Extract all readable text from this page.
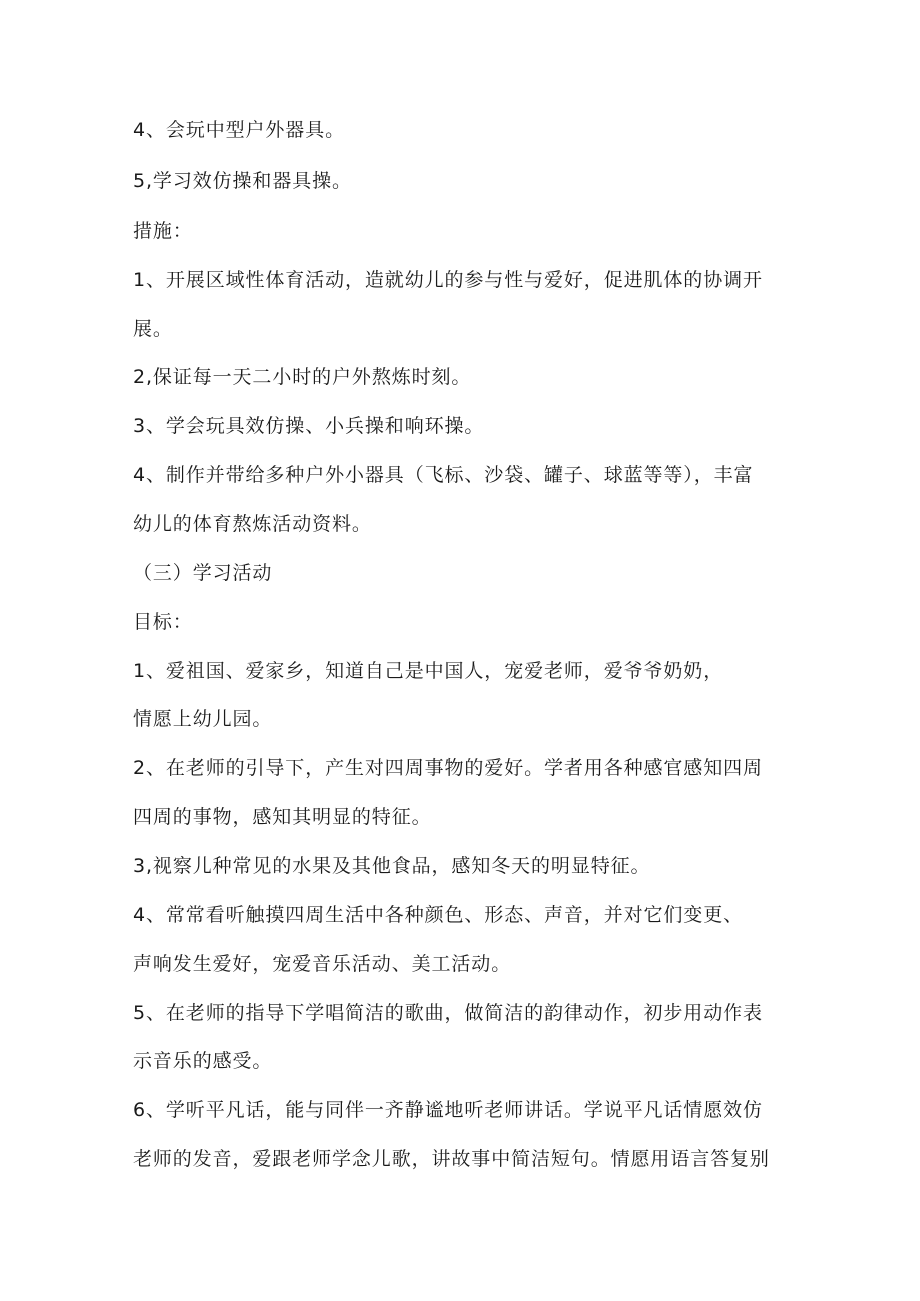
4、会玩中型户外器具。

5,学习效仿操和器具操。

措施：

1、开展区域性体育活动，造就幼儿的参与性与爱好，促进肌体的协调开

展。

2,保证每一天二小时的户外熬炼时刻。

3、学会玩具效仿操、小兵操和响环操。

4、制作并带给多种户外小器具（飞标、沙袋、罐子、球蓝等等），丰富

幼儿的体育熬炼活动资料。

（三）学习活动

目标：

1、爱祖国、爱家乡，知道自己是中国人，宠爱老师，爱爷爷奶奶，

情愿上幼儿园。

2、在老师的引导下，产生对四周事物的爱好。学者用各种感官感知四周

四周的事物，感知其明显的特征。

3,视察儿种常见的水果及其他食品，感知冬天的明显特征。

4、常常看听触摸四周生活中各种颜色、形态、声音，并对它们变更、

声响发生爱好，宠爱音乐活动、美工活动。

5、在老师的指导下学唱简洁的歌曲，做简洁的韵律动作，初步用动作表

示音乐的感受。

6、学听平凡话，能与同伴一齐静谧地听老师讲话。学说平凡话情愿效仿

老师的发音，爱跟老师学念儿歌，讲故事中简洁短句。情愿用语言答复别
